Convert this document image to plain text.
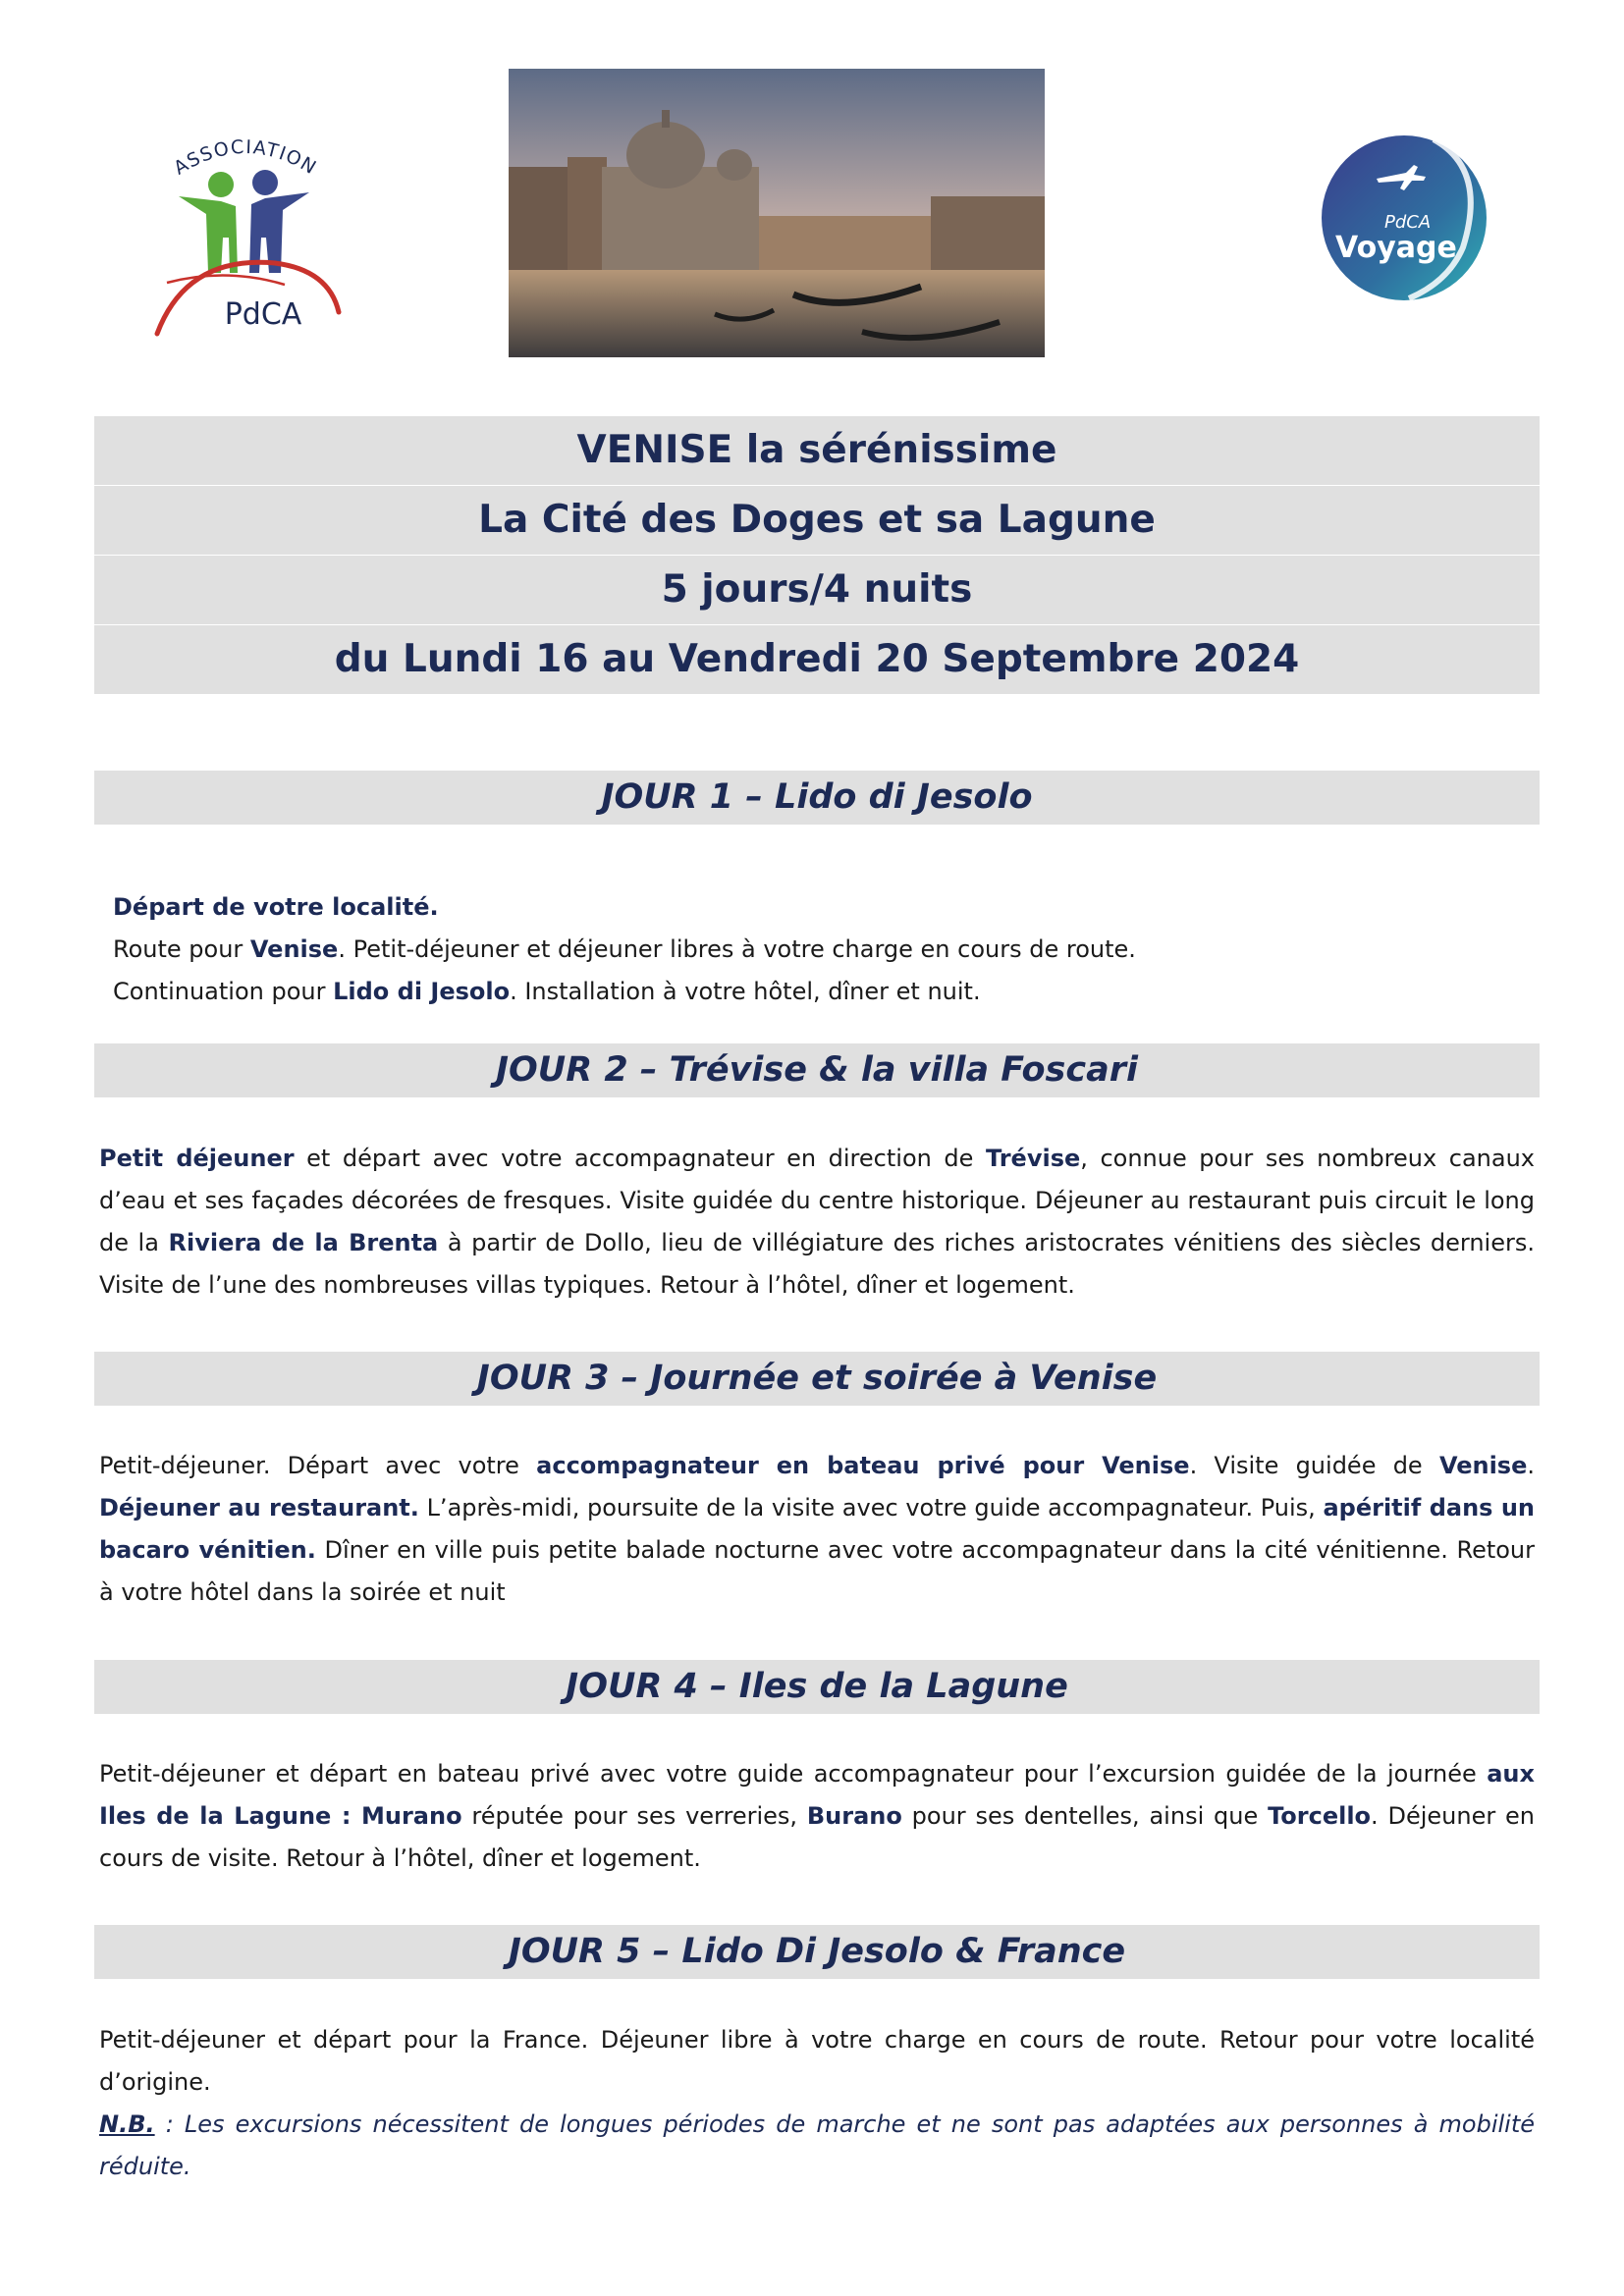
ASSOCIATION
PdCA
PdCA
Voyage
VENISE la sérénissime
La Cité des Doges et sa Lagune
5 jours/4 nuits
du Lundi 16 au Vendredi 20 Septembre 2024
JOUR 1 – Lido di Jesolo
Départ de votre localité.
Route pour Venise. Petit-déjeuner et déjeuner libres à votre charge en cours de route.
Continuation pour Lido di Jesolo. Installation à votre hôtel, dîner et nuit.
JOUR 2 – Trévise & la villa Foscari
Petit déjeuner et départ avec votre accompagnateur en direction de Trévise, connue pour ses nombreux canaux d’eau et ses façades décorées de fresques. Visite guidée du centre historique. Déjeuner au restaurant puis circuit le long de la Riviera de la Brenta à partir de Dollo, lieu de villégiature des riches aristocrates vénitiens des siècles derniers. Visite de l’une des nombreuses villas typiques. Retour à l’hôtel, dîner et logement.
JOUR 3 – Journée et soirée à Venise
Petit-déjeuner. Départ avec votre accompagnateur en bateau privé pour Venise. Visite guidée de Venise. Déjeuner au restaurant. L’après-midi, poursuite de la visite avec votre guide accompagnateur. Puis, apéritif dans un bacaro vénitien. Dîner en ville puis petite balade nocturne avec votre accompagnateur dans la cité vénitienne. Retour à votre hôtel dans la soirée et nuit
JOUR 4 – Iles de la Lagune
Petit-déjeuner et départ en bateau privé avec votre guide accompagnateur pour l’excursion guidée de la journée aux Iles de la Lagune : Murano réputée pour ses verreries, Burano pour ses dentelles, ainsi que Torcello. Déjeuner en cours de visite. Retour à l’hôtel, dîner et logement.
JOUR 5 – Lido Di Jesolo & France
Petit-déjeuner et départ pour la France. Déjeuner libre à votre charge en cours de route. Retour pour votre localité d’origine.
N.B. : Les excursions nécessitent de longues périodes de marche et ne sont pas adaptées aux personnes à mobilité réduite.
